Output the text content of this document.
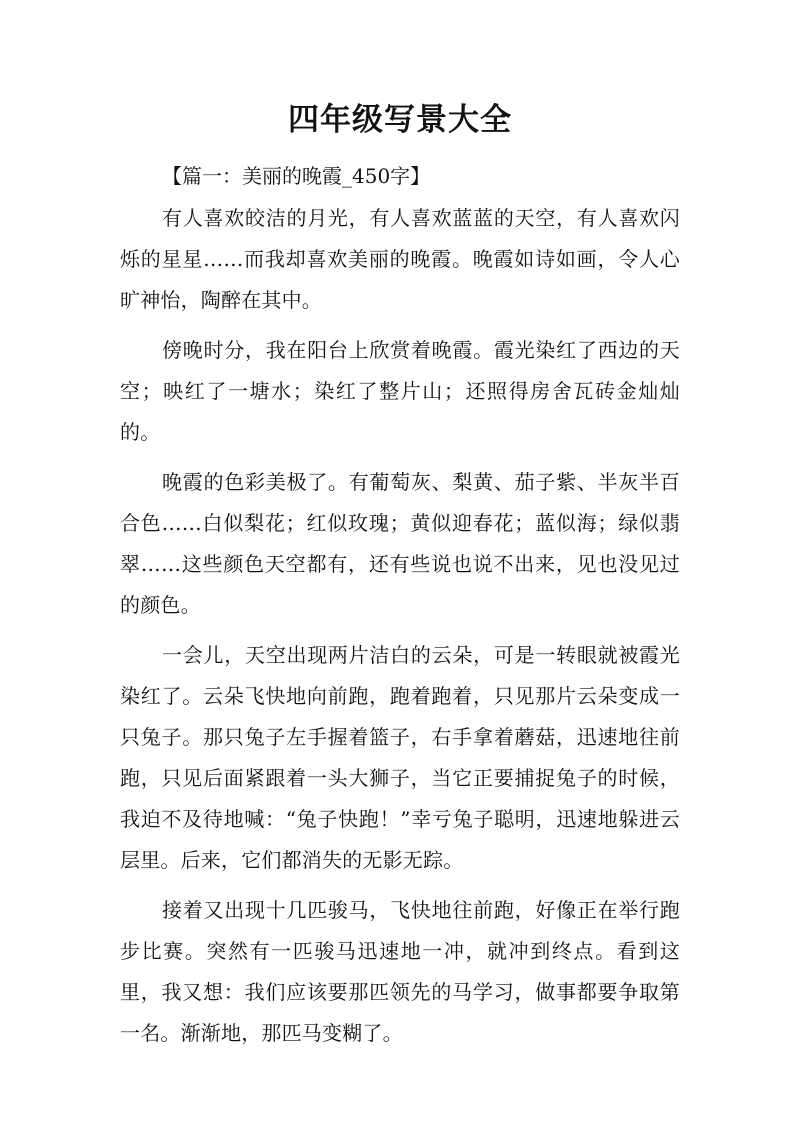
四年级写景大全
【篇一：美丽的晚霞_450字】

有人喜欢皎洁的月光，有人喜欢蓝蓝的天空，有人喜欢闪烁的星星……而我却喜欢美丽的晚霞。晚霞如诗如画，令人心旷神怡，陶醉在其中。

傍晚时分，我在阳台上欣赏着晚霞。霞光染红了西边的天空；映红了一塘水；染红了整片山；还照得房舍瓦砖金灿灿的。

晚霞的色彩美极了。有葡萄灰、梨黄、茄子紫、半灰半百合色……白似梨花；红似玫瑰；黄似迎春花；蓝似海；绿似翡翠……这些颜色天空都有，还有些说也说不出来，见也没见过的颜色。

一会儿，天空出现两片洁白的云朵，可是一转眼就被霞光染红了。云朵飞快地向前跑，跑着跑着，只见那片云朵变成一只兔子。那只兔子左手握着篮子，右手拿着蘑菇，迅速地往前跑，只见后面紧跟着一头大狮子，当它正要捕捉兔子的时候，我迫不及待地喊：“兔子快跑！”幸亏兔子聪明，迅速地躲进云层里。后来，它们都消失的无影无踪。

接着又出现十几匹骏马，飞快地往前跑，好像正在举行跑步比赛。突然有一匹骏马迅速地一冲，就冲到终点。看到这里，我又想：我们应该要那匹领先的马学习，做事都要争取第一名。渐渐地，那匹马变糊了。
